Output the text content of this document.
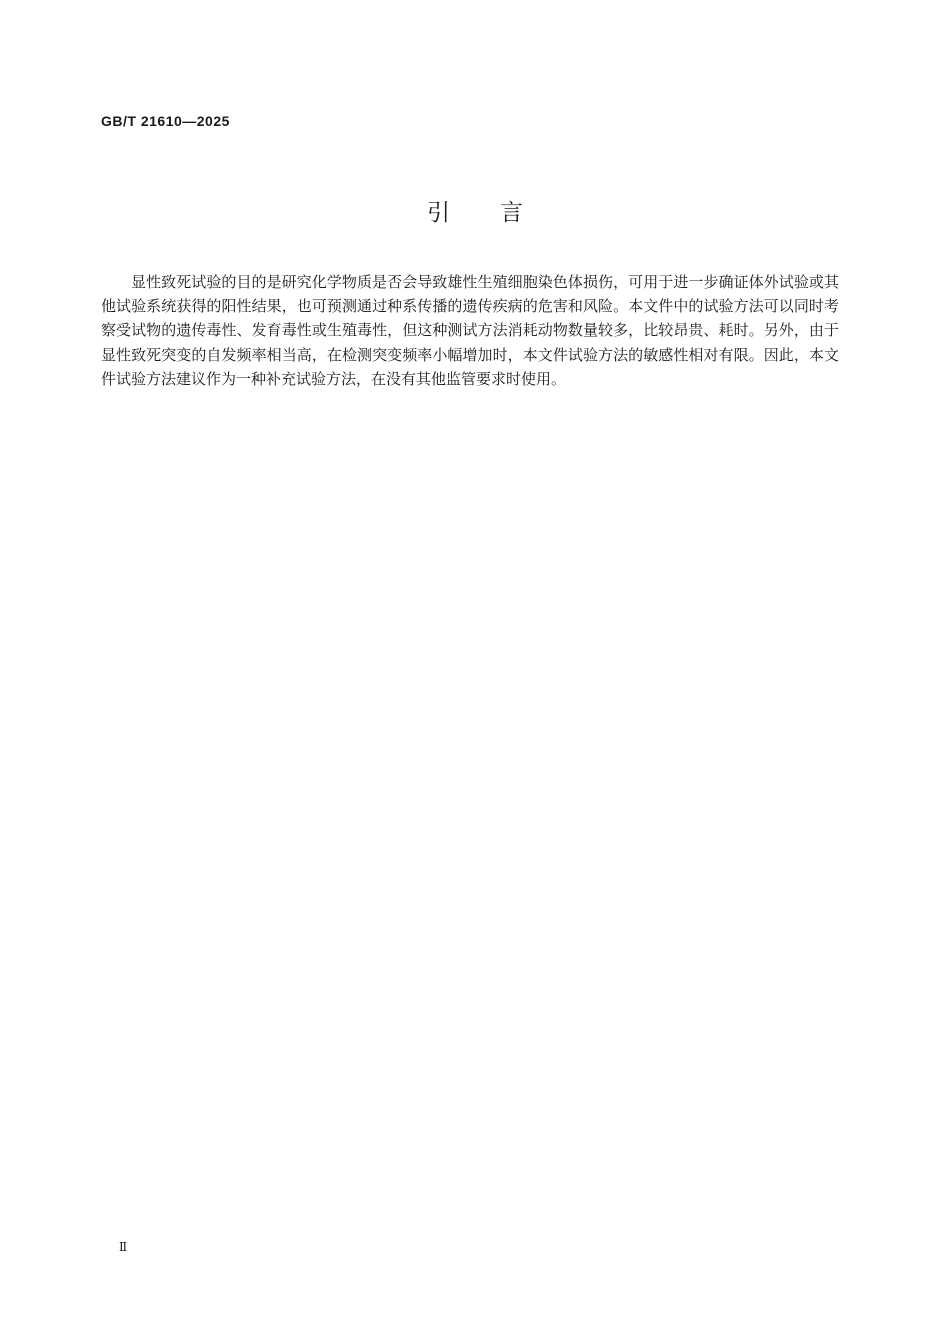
GB/T 21610—2025
引 言

显性致死试验的目的是研究化学物质是否会导致雄性生殖细胞染色体损伤，可用于进一步确证体外试验或其他试验系统获得的阳性结果，也可预测通过种系传播的遗传疾病的危害和风险。本文件中的试验方法可以同时考察受试物的遗传毒性、发育毒性或生殖毒性，但这种测试方法消耗动物数量较多，比较昂贵、耗时。另外，由于显性致死突变的自发频率相当高，在检测突变频率小幅增加时，本文件试验方法的敏感性相对有限。因此，本文件试验方法建议作为一种补充试验方法，在没有其他监管要求时使用。

Ⅱ
